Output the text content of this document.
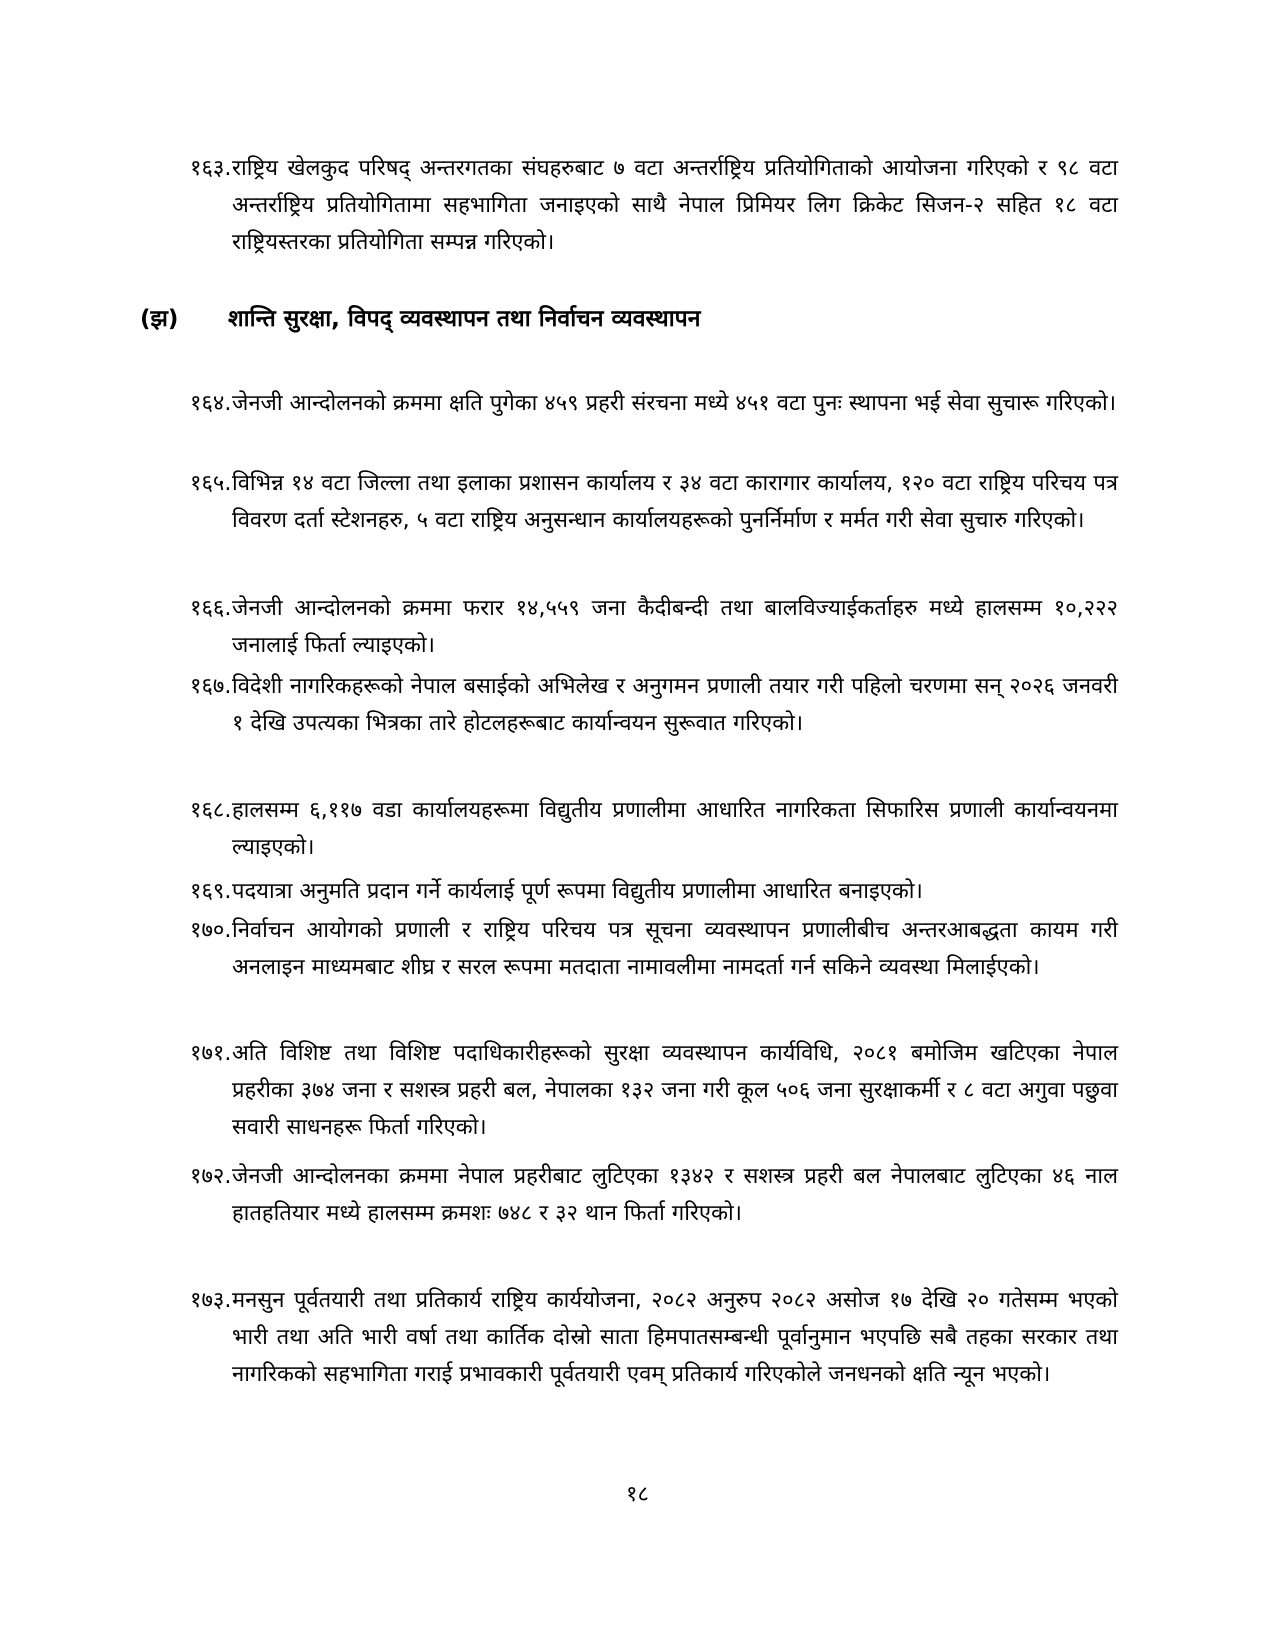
१६३. राष्ट्रिय खेलकुद परिषद् अन्तरगतका संघहरुबाट ७ वटा अन्तर्राष्ट्रिय प्रतियोगिताको आयोजना गरिएको र ९८ वटा अन्तर्राष्ट्रिय प्रतियोगितामा सहभागिता जनाइएको साथै नेपाल प्रिमियर लिग क्रिकेट सिजन-२ सहित १८ वटा राष्ट्रियस्तरका प्रतियोगिता सम्पन्न गरिएको।
(झ) शान्ति सुरक्षा, विपद् व्यवस्थापन तथा निर्वाचन व्यवस्थापन
१६४. जेनजी आन्दोलनको क्रममा क्षति पुगेका ४५९ प्रहरी संरचना मध्ये ४५१ वटा पुनः स्थापना भई सेवा सुचारू गरिएको।
१६५. विभिन्न १४ वटा जिल्ला तथा इलाका प्रशासन कार्यालय र ३४ वटा कारागार कार्यालय, १२० वटा राष्ट्रिय परिचय पत्र विवरण दर्ता स्टेशनहरु, ५ वटा राष्ट्रिय अनुसन्धान कार्यालयहरूको पुनर्निर्माण र मर्मत गरी सेवा सुचारु गरिएको।
१६६. जेनजी आन्दोलनको क्रममा फरार १४,५५९ जना कैदीबन्दी तथा बालविज्याईकर्ताहरु मध्ये हालसम्म १०,२२२ जनालाई फिर्ता ल्याइएको।
१६७. विदेशी नागरिकहरूको नेपाल बसाईको अभिलेख र अनुगमन प्रणाली तयार गरी पहिलो चरणमा सन् २०२६ जनवरी १ देखि उपत्यका भित्रका तारे होटलहरूबाट कार्यान्वयन सुरूवात गरिएको।
१६८. हालसम्म ६,११७ वडा कार्यालयहरूमा विद्युतीय प्रणालीमा आधारित नागरिकता सिफारिस प्रणाली कार्यान्वयनमा ल्याइएको।
१६९. पदयात्रा अनुमति प्रदान गर्ने कार्यलाई पूर्ण रूपमा विद्युतीय प्रणालीमा आधारित बनाइएको।
१७०. निर्वाचन आयोगको प्रणाली र राष्ट्रिय परिचय पत्र सूचना व्यवस्थापन प्रणालीबीच अन्तरआबद्धता कायम गरी अनलाइन माध्यमबाट शीघ्र र सरल रूपमा मतदाता नामावलीमा नामदर्ता गर्न सकिने व्यवस्था मिलाईएको।
१७१. अति विशिष्ट तथा विशिष्ट पदाधिकारीहरूको सुरक्षा व्यवस्थापन कार्यविधि, २०८१ बमोजिम खटिएका नेपाल प्रहरीका ३७४ जना र सशस्त्र प्रहरी बल, नेपालका १३२ जना गरी कूल ५०६ जना सुरक्षाकर्मी र ८ वटा अगुवा पछुवा सवारी साधनहरू फिर्ता गरिएको।
१७२. जेनजी आन्दोलनका क्रममा नेपाल प्रहरीबाट लुटिएका १३४२ र सशस्त्र प्रहरी बल नेपालबाट लुटिएका ४६ नाल हातहतियार मध्ये हालसम्म क्रमशः ७४८ र ३२ थान फिर्ता गरिएको।
१७३. मनसुन पूर्वतयारी तथा प्रतिकार्य राष्ट्रिय कार्ययोजना, २०८२ अनुरुप २०८२ असोज १७ देखि २० गतेसम्म भएको भारी तथा अति भारी वर्षा तथा कार्तिक दोस्रो साता हिमपातसम्बन्धी पूर्वानुमान भएपछि सबै तहका सरकार तथा नागरिकको सहभागिता गराई प्रभावकारी पूर्वतयारी एवम् प्रतिकार्य गरिएकोले जनधनको क्षति न्यून भएको।
१८
